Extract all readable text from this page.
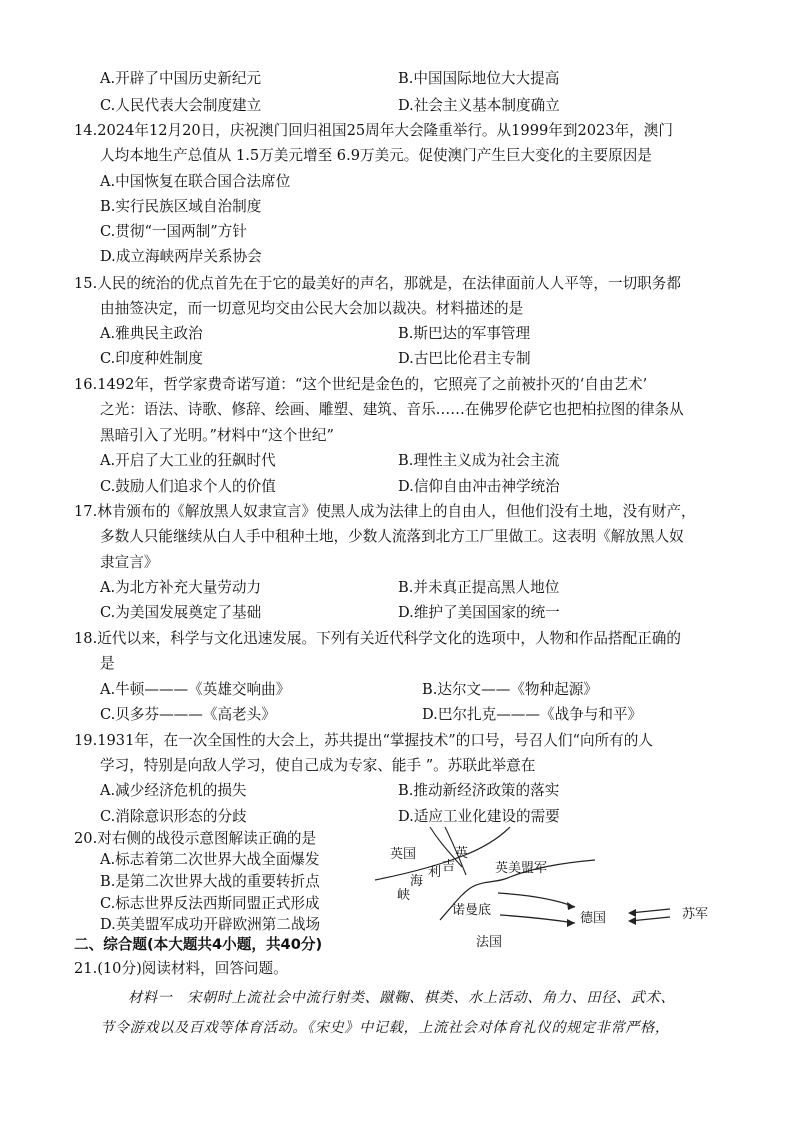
A.开辟了中国历史新纪元	B.中国国际地位大大提高
C.人民代表大会制度建立	D.社会主义基本制度确立
14.2024年12月20日，庆祝澳门回归祖国25周年大会隆重举行。从1999年到2023年，澳门
人均本地生产总值从 1.5万美元增至 6.9万美元。促使澳门产生巨大变化的主要原因是
A.中国恢复在联合国合法席位
B.实行民族区域自治制度
C.贯彻“一国两制”方针
D.成立海峡两岸关系协会
15.人民的统治的优点首先在于它的最美好的声名，那就是，在法律面前人人平等，一切职务都
由抽签决定，而一切意见均交由公民大会加以裁决。材料描述的是
A.雅典民主政治	B.斯巴达的军事管理
C.印度种姓制度	D.古巴比伦君主专制
16.1492年，哲学家费奇诺写道：“这个世纪是金色的，它照亮了之前被扑灭的‘自由艺术’
之光：语法、诗歌、修辞、绘画、雕塑、建筑、音乐……在佛罗伦萨它也把柏拉图的律条从
黑暗引入了光明。”材料中“这个世纪”
A.开启了大工业的狂飙时代	B.理性主义成为社会主流
C.鼓励人们追求个人的价值	D.信仰自由冲击神学统治
17.林肯颁布的《解放黑人奴隶宣言》使黑人成为法律上的自由人，但他们没有土地，没有财产，
多数人只能继续从白人手中租种土地，少数人流落到北方工厂里做工。这表明《解放黑人奴
隶宣言》
A.为北方补充大量劳动力	B.并未真正提高黑人地位
C.为美国发展奠定了基础	D.维护了美国国家的统一
18.近代以来，科学与文化迅速发展。下列有关近代科学文化的选项中，人物和作品搭配正确的
是
A.牛顿———《英雄交响曲》	B.达尔文——《物种起源》
C.贝多芬———《高老头》	D.巴尔扎克———《战争与和平》
19.1931年，在一次全国性的大会上，苏共提出“掌握技术”的口号，号召人们“向所有的人
学习，特别是向敌人学习，使自己成为专家、能手 ”。苏联此举意在
A.减少经济危机的损失	B.推动新经济政策的落实
C.消除意识形态的分歧	D.适应工业化建设的需要
20.对右侧的战役示意图解读正确的是
A.标志着第二次世界大战全面爆发
B.是第二次世界大战的重要转折点
C.标志世界反法西斯同盟正式形成
D.英美盟军成功开辟欧洲第二战场
英国	英
吉
利
海
峡
英美盟军
诺曼底
德国	苏军
法国
二、综合题(本大题共4小题，共40分)
21.(10分)阅读材料，回答问题。
材料一　宋朝时上流社会中流行射类、蹴鞠、棋类、水上活动、角力、田径、武术、
节令游戏以及百戏等体育活动。《宋史》中记载，上流社会对体育礼仪的规定非常严格，
